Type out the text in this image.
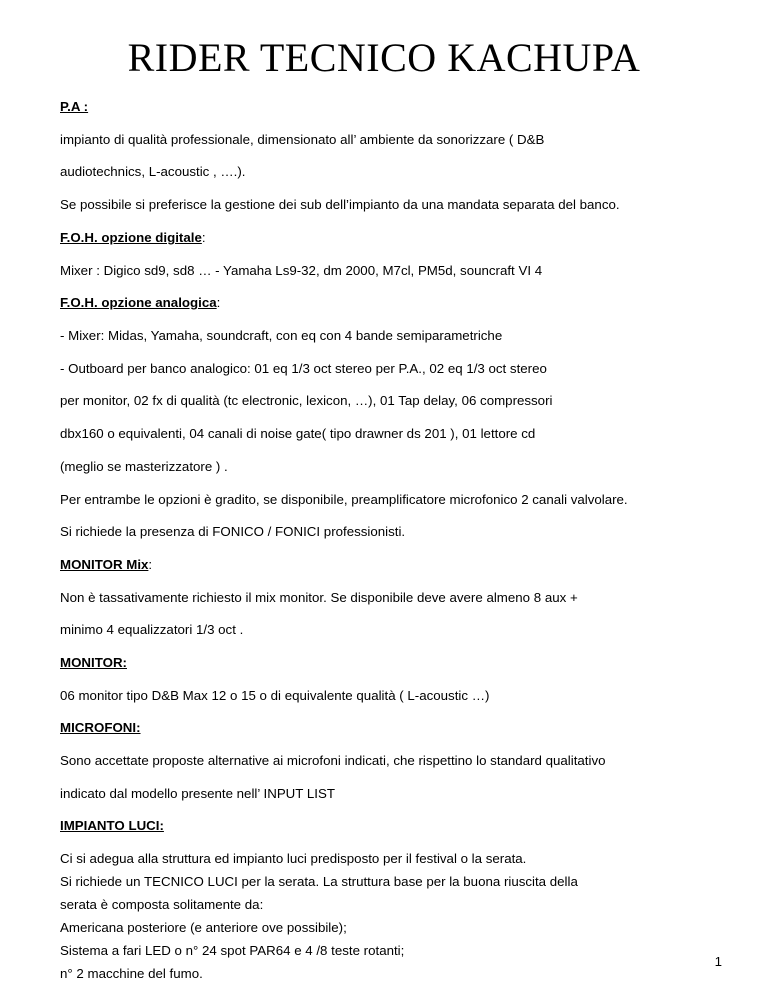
RIDER TECNICO KACHUPA
P.A :
impianto di qualità professionale, dimensionato all’ ambiente da sonorizzare ( D&B
audiotechnics, L-acoustic , ….).
Se possibile si preferisce la gestione dei sub dell’impianto da una mandata separata del banco.
F.O.H. opzione digitale:
Mixer : Digico sd9, sd8 … - Yamaha Ls9-32, dm 2000, M7cl, PM5d, souncraft VI 4
F.O.H. opzione analogica:
- Mixer: Midas, Yamaha, soundcraft, con eq con 4 bande semiparametriche
- Outboard per banco analogico: 01 eq 1/3 oct stereo per P.A., 02 eq 1/3 oct stereo
per monitor, 02 fx di qualità (tc electronic, lexicon, …), 01 Tap delay, 06 compressori
dbx160 o equivalenti, 04 canali di noise gate( tipo drawner ds 201 ), 01 lettore cd
(meglio se masterizzatore ) .
Per entrambe le opzioni è gradito, se disponibile, preamplificatore microfonico 2 canali valvolare.
Si richiede la presenza di FONICO / FONICI professionisti.
MONITOR Mix:
Non è tassativamente richiesto il mix monitor. Se disponibile deve avere almeno 8 aux +
minimo 4 equalizzatori 1/3 oct .
MONITOR:
06 monitor tipo D&B Max 12 o 15 o di equivalente qualità ( L-acoustic …)
MICROFONI:
Sono accettate proposte alternative ai microfoni indicati, che rispettino lo standard qualitativo
indicato dal modello presente nell’ INPUT LIST
IMPIANTO LUCI:
1
Ci si adegua alla struttura ed impianto luci predisposto per il festival o la serata.
Si richiede un TECNICO LUCI per la serata. La struttura base per la buona riuscita della
serata è composta solitamente da:
Americana posteriore (e anteriore ove possibile);
Sistema a fari LED o n° 24 spot PAR64 e 4 /8 teste rotanti;
n° 2 macchine del fumo.
